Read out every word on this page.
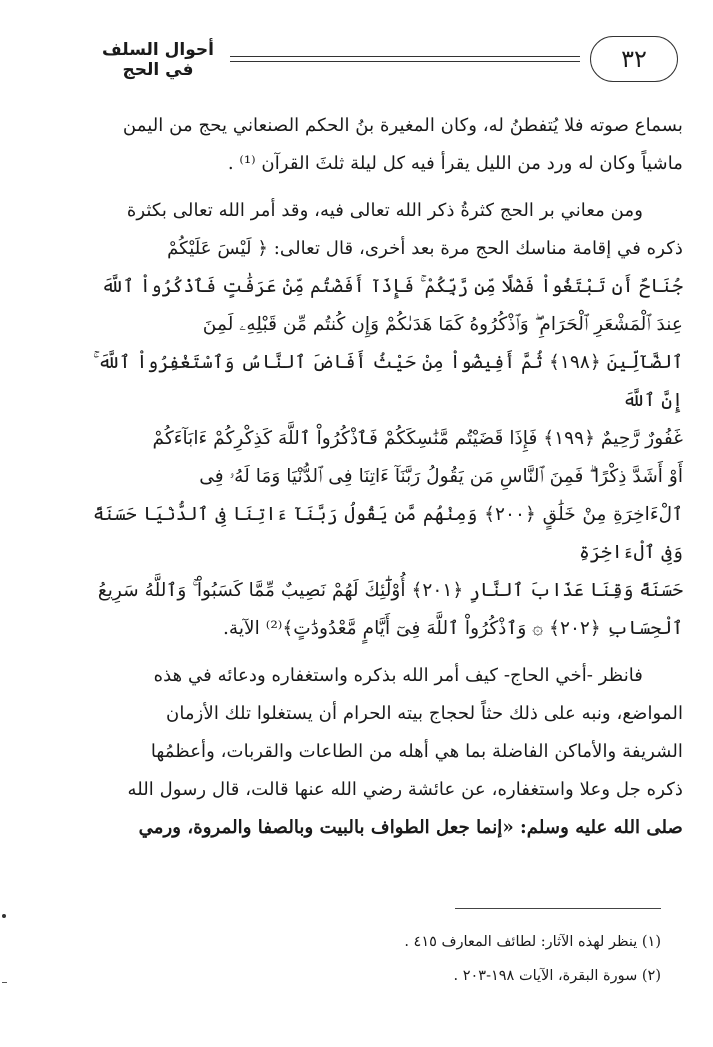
٣٢
أحوال السلف في الحج

بسماع صوته فلا يُتفطنُ له، وكان المغيرة بنُ الحكم الصنعاني يحج من اليمن

ماشياً وكان له ورد من الليل يقرأ فيه كل ليلة ثلثَ القرآن ⁽¹⁾ .

ومن معاني بر الحج كثرةُ ذكر الله تعالى فيه، وقد أمر الله تعالى بكثرة

ذكره في إقامة مناسك الحج مرة بعد أخرى، قال تعالى: ﴿ لَيْسَ عَلَيْكُمْ

جُنَاحٌ أَن تَبْتَغُواْ فَضْلًا مِّن رَّبِّكُمْ ۚ فَإِذَآ أَفَضْتُم مِّنْ عَرَفَٰتٍ فَٱذْكُرُواْ ٱللَّهَ

عِندَ ٱلْمَشْعَرِ ٱلْحَرَامِ ۖ وَٱذْكُرُوهُ كَمَا هَدَىٰكُمْ وَإِن كُنتُم مِّن قَبْلِهِۦ لَمِنَ

ٱلضَّآلِّينَ ﴿١٩٨﴾ ثُمَّ أَفِيضُواْ مِنْ حَيْثُ أَفَاضَ ٱلنَّاسُ وَٱسْتَغْفِرُواْ ٱللَّهَ ۚ إِنَّ ٱللَّهَ

غَفُورٌ رَّحِيمٌ ﴿١٩٩﴾ فَإِذَا قَضَيْتُم مَّنَٰسِكَكُمْ فَٱذْكُرُواْ ٱللَّهَ كَذِكْرِكُمْ ءَابَآءَكُمْ

أَوْ أَشَدَّ ذِكْرًا ۗ فَمِنَ ٱلنَّاسِ مَن يَقُولُ رَبَّنَآ ءَاتِنَا فِى ٱلدُّنْيَا وَمَا لَهُۥ فِى

ٱلْءَاخِرَةِ مِنْ خَلَٰقٍ ﴿٢٠٠﴾ وَمِنْهُم مَّن يَقُولُ رَبَّنَآ ءَاتِنَا فِى ٱلدُّنْيَا حَسَنَةً وَفِى ٱلْءَاخِرَةِ

حَسَنَةً وَقِنَا عَذَابَ ٱلنَّارِ ﴿٢٠١﴾ أُوْلَٰٓئِكَ لَهُمْ نَصِيبٌ مِّمَّا كَسَبُواْ ۚ وَٱللَّهُ سَرِيعُ

ٱلْحِسَابِ ﴿٢٠٢﴾ ۞ وَٱذْكُرُواْ ٱللَّهَ فِىٓ أَيَّامٍ مَّعْدُودَٰتٍ﴾⁽²⁾ الآية.

فانظر -أخي الحاج- كيف أمر الله بذكره واستغفاره ودعائه في هذه

المواضع، ونبه على ذلك حثاً لحجاج بيته الحرام أن يستغلوا تلك الأزمان

الشريفة والأماكن الفاضلة بما هي أهله من الطاعات والقربات، وأعظمُها

ذكره جل وعلا واستغفاره، عن عائشة رضي الله عنها قالت، قال رسول الله

صلى الله عليه وسلم: «إنما جعل الطواف بالبيت وبالصفا والمروة، ورمي

(١) ينظر لهذه الآثار: لطائف المعارف ٤١٥ .
(٢) سورة البقرة، الآيات ١٩٨-٢٠٣ .
